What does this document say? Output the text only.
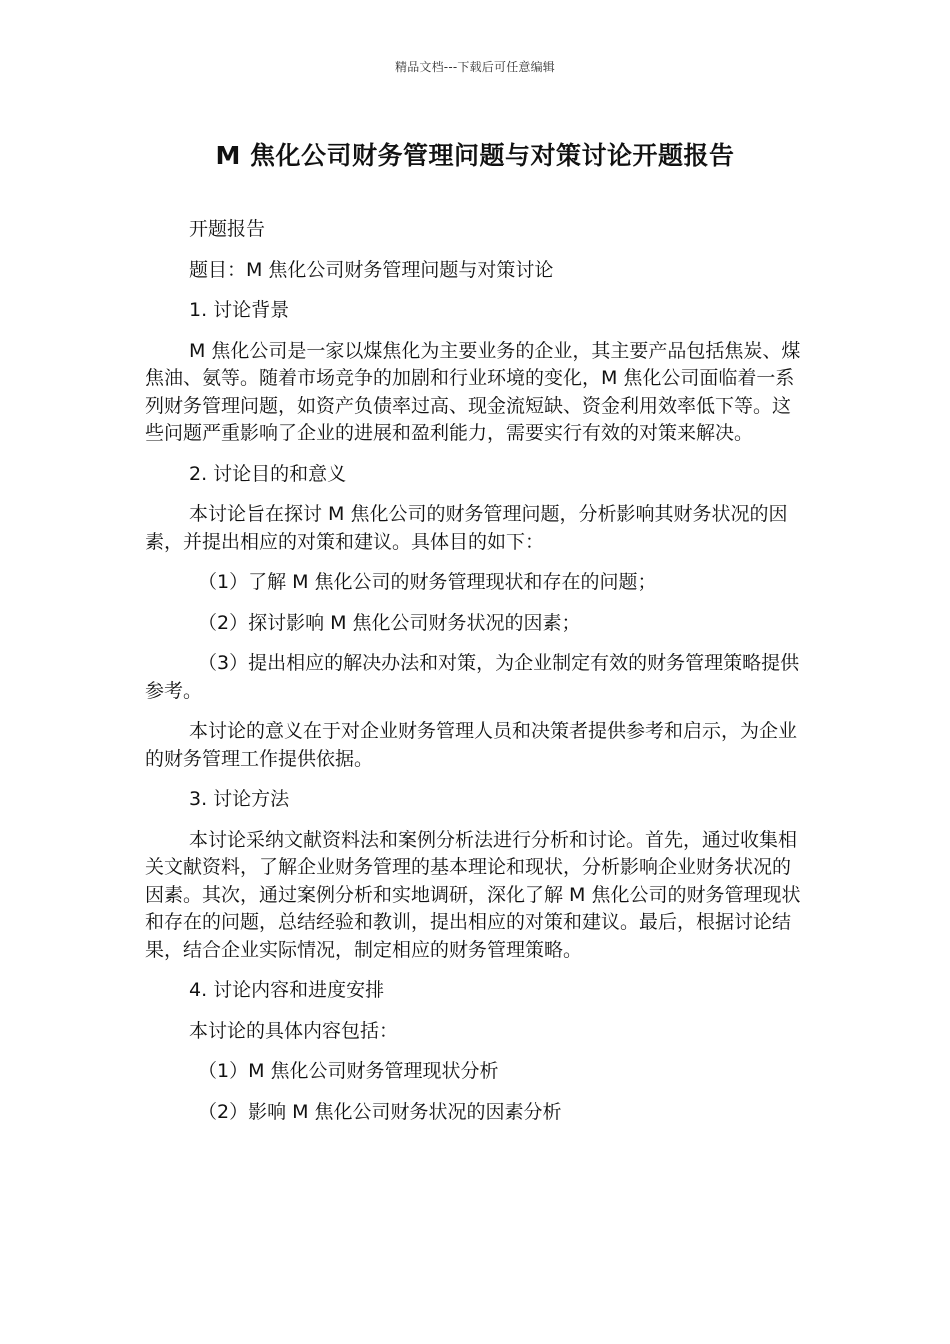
精品文档---下载后可任意编辑
M 焦化公司财务管理问题与对策讨论开题报告

开题报告

题目：M 焦化公司财务管理问题与对策讨论

1. 讨论背景

M 焦化公司是一家以煤焦化为主要业务的企业，其主要产品包括焦炭、煤焦油、氨等。随着市场竞争的加剧和行业环境的变化，M 焦化公司面临着一系列财务管理问题，如资产负债率过高、现金流短缺、资金利用效率低下等。这些问题严重影响了企业的进展和盈利能力，需要实行有效的对策来解决。

2. 讨论目的和意义

本讨论旨在探讨 M 焦化公司的财务管理问题，分析影响其财务状况的因素，并提出相应的对策和建议。具体目的如下：

（1）了解 M 焦化公司的财务管理现状和存在的问题；

（2）探讨影响 M 焦化公司财务状况的因素；

（3）提出相应的解决办法和对策，为企业制定有效的财务管理策略提供参考。

本讨论的意义在于对企业财务管理人员和决策者提供参考和启示，为企业的财务管理工作提供依据。

3. 讨论方法

本讨论采纳文献资料法和案例分析法进行分析和讨论。首先，通过收集相关文献资料，了解企业财务管理的基本理论和现状，分析影响企业财务状况的因素。其次，通过案例分析和实地调研，深化了解 M 焦化公司的财务管理现状和存在的问题，总结经验和教训，提出相应的对策和建议。最后，根据讨论结果，结合企业实际情况，制定相应的财务管理策略。

4. 讨论内容和进度安排

本讨论的具体内容包括：

（1）M 焦化公司财务管理现状分析

（2）影响 M 焦化公司财务状况的因素分析
